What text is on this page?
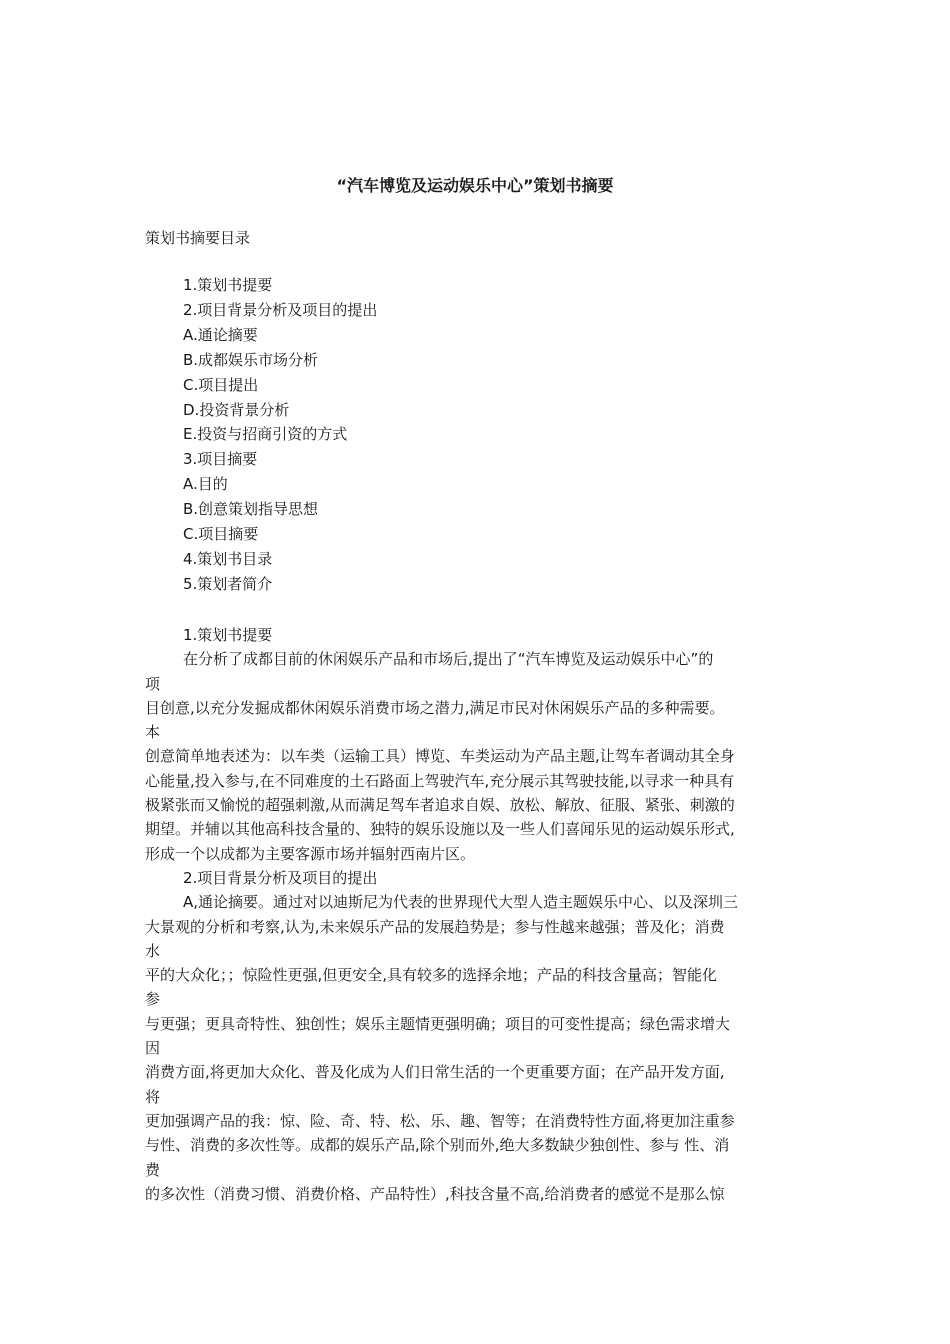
“汽车博览及运动娱乐中心”策划书摘要
策划书摘要目录
1.策划书提要
2.项目背景分析及项目的提出
A.通论摘要
B.成都娱乐市场分析
C.项目提出
D.投资背景分析
E.投资与招商引资的方式
3.项目摘要
A.目的
B.创意策划指导思想
C.项目摘要
4.策划书目录
5.策划者简介
1.策划书提要
在分析了成都目前的休闲娱乐产品和市场后,提出了“汽车博览及运动娱乐中心”的
项
目创意,以充分发掘成都休闲娱乐消费市场之潜力,满足市民对休闲娱乐产品的多种需要。
本
创意简单地表述为：以车类（运输工具）博览、车类运动为产品主题,让驾车者调动其全身
心能量,投入参与,在不同难度的土石路面上驾驶汽车,充分展示其驾驶技能,以寻求一种具有
极紧张而又愉悦的超强刺激,从而满足驾车者追求自娱、放松、解放、征服、紧张、刺激的
期望。并辅以其他高科技含量的、独特的娱乐设施以及一些人们喜闻乐见的运动娱乐形式,
形成一个以成都为主要客源市场并辐射西南片区。
2.项目背景分析及项目的提出
A,通论摘要。通过对以迪斯尼为代表的世界现代大型人造主题娱乐中心、以及深圳三
大景观的分析和考察,认为,未来娱乐产品的发展趋势是；参与性越来越强；普及化；消费
水
平的大众化；；惊险性更强,但更安全,具有较多的选择余地；产品的科技含量高；智能化
参
与更强；更具奇特性、独创性；娱乐主题情更强明确；项目的可变性提高；绿色需求增大
因
消费方面,将更加大众化、普及化成为人们日常生活的一个更重要方面；在产品开发方面,
将
更加强调产品的我：惊、险、奇、特、松、乐、趣、智等；在消费特性方面,将更加注重参
与性、消费的多次性等。成都的娱乐产品,除个别而外,绝大多数缺少独创性、参与 性、消
费
的多次性（消费习惯、消费价格、产品特性）,科技含量不高,给消费者的感觉不是那么惊
